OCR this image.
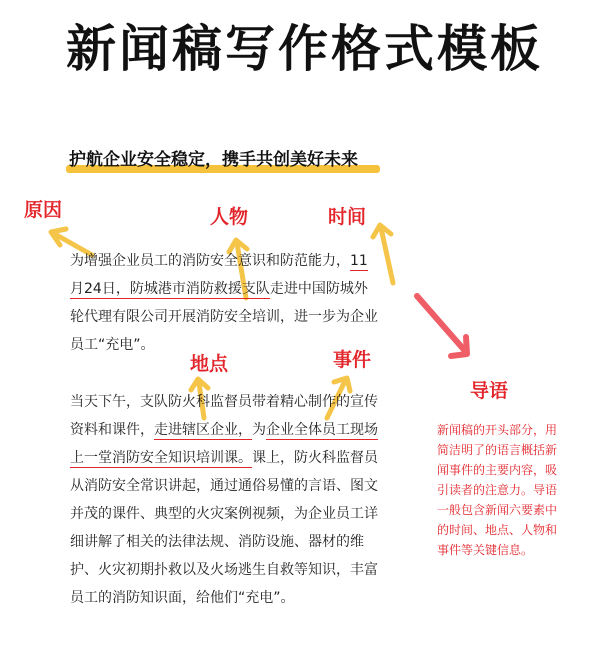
新闻稿写作格式模板
护航企业安全稳定，携手共创美好未来
原因	人物	时间
地点	事件
导语
为增强企业员工的消防安全意识和防范能力，11
月24日，防城港市消防救援支队走进中国防城外
轮代理有限公司开展消防安全培训，进一步为企业
员工“充电”。
当天下午，支队防火科监督员带着精心制作的宣传
资料和课件，走进辖区企业，为企业全体员工现场
上一堂消防安全知识培训课。课上，防火科监督员
从消防安全常识讲起，通过通俗易懂的言语、图文
并茂的课件、典型的火灾案例视频，为企业员工详
细讲解了相关的法律法规、消防设施、器材的维
护、火灾初期扑救以及火场逃生自救等知识，丰富
员工的消防知识面，给他们“充电”。
新闻稿的开头部分，用
简洁明了的语言概括新
闻事件的主要内容，吸
引读者的注意力。导语
一般包含新闻六要素中
的时间、地点、人物和
事件等关键信息。
